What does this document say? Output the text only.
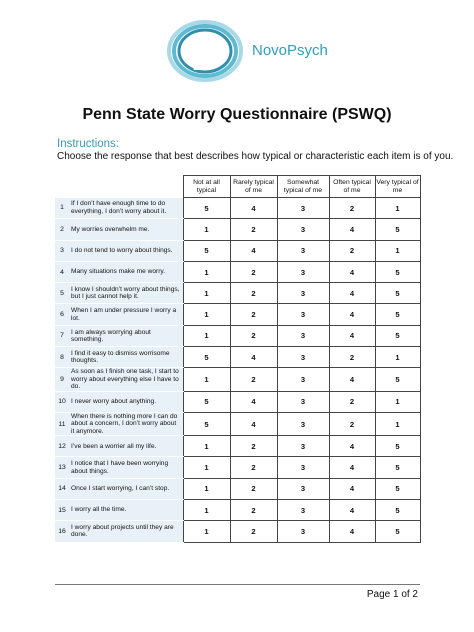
NovoPsych
Penn State Worry Questionnaire (PSWQ)
Instructions:
Choose the response that best describes how typical or characteristic each item is of you.
		Not at all typical	Rarely typical of me	Somewhat typical of me	Often typical of me	Very typical of me
1	If I don’t have enough time to do everything, I don’t worry about it.	5	4	3	2	1
2	My worries overwhelm me.	1	2	3	4	5
3	I do not tend to worry about things.	5	4	3	2	1
4	Many situations make me worry.	1	2	3	4	5
5	I know I shouldn’t worry about things, but I just cannot help it.	1	2	3	4	5
6	When I am under pressure I worry a lot.	1	2	3	4	5
7	I am always worrying about something.	1	2	3	4	5
8	I find it easy to dismiss worrisome thoughts.	5	4	3	2	1
9	As soon as I finish one task, I start to worry about everything else I have to do.	1	2	3	4	5
10	I never worry about anything.	5	4	3	2	1
11	When there is nothing more I can do about a concern, I don’t worry about it anymore.	5	4	3	2	1
12	I’ve been a worrier all my life.	1	2	3	4	5
13	I notice that I have been worrying about things.	1	2	3	4	5
14	Once I start worrying, I can’t stop.	1	2	3	4	5
15	I worry all the time.	1	2	3	4	5
16	I worry about projects until they are done.	1	2	3	4	5
Page 1 of 2
